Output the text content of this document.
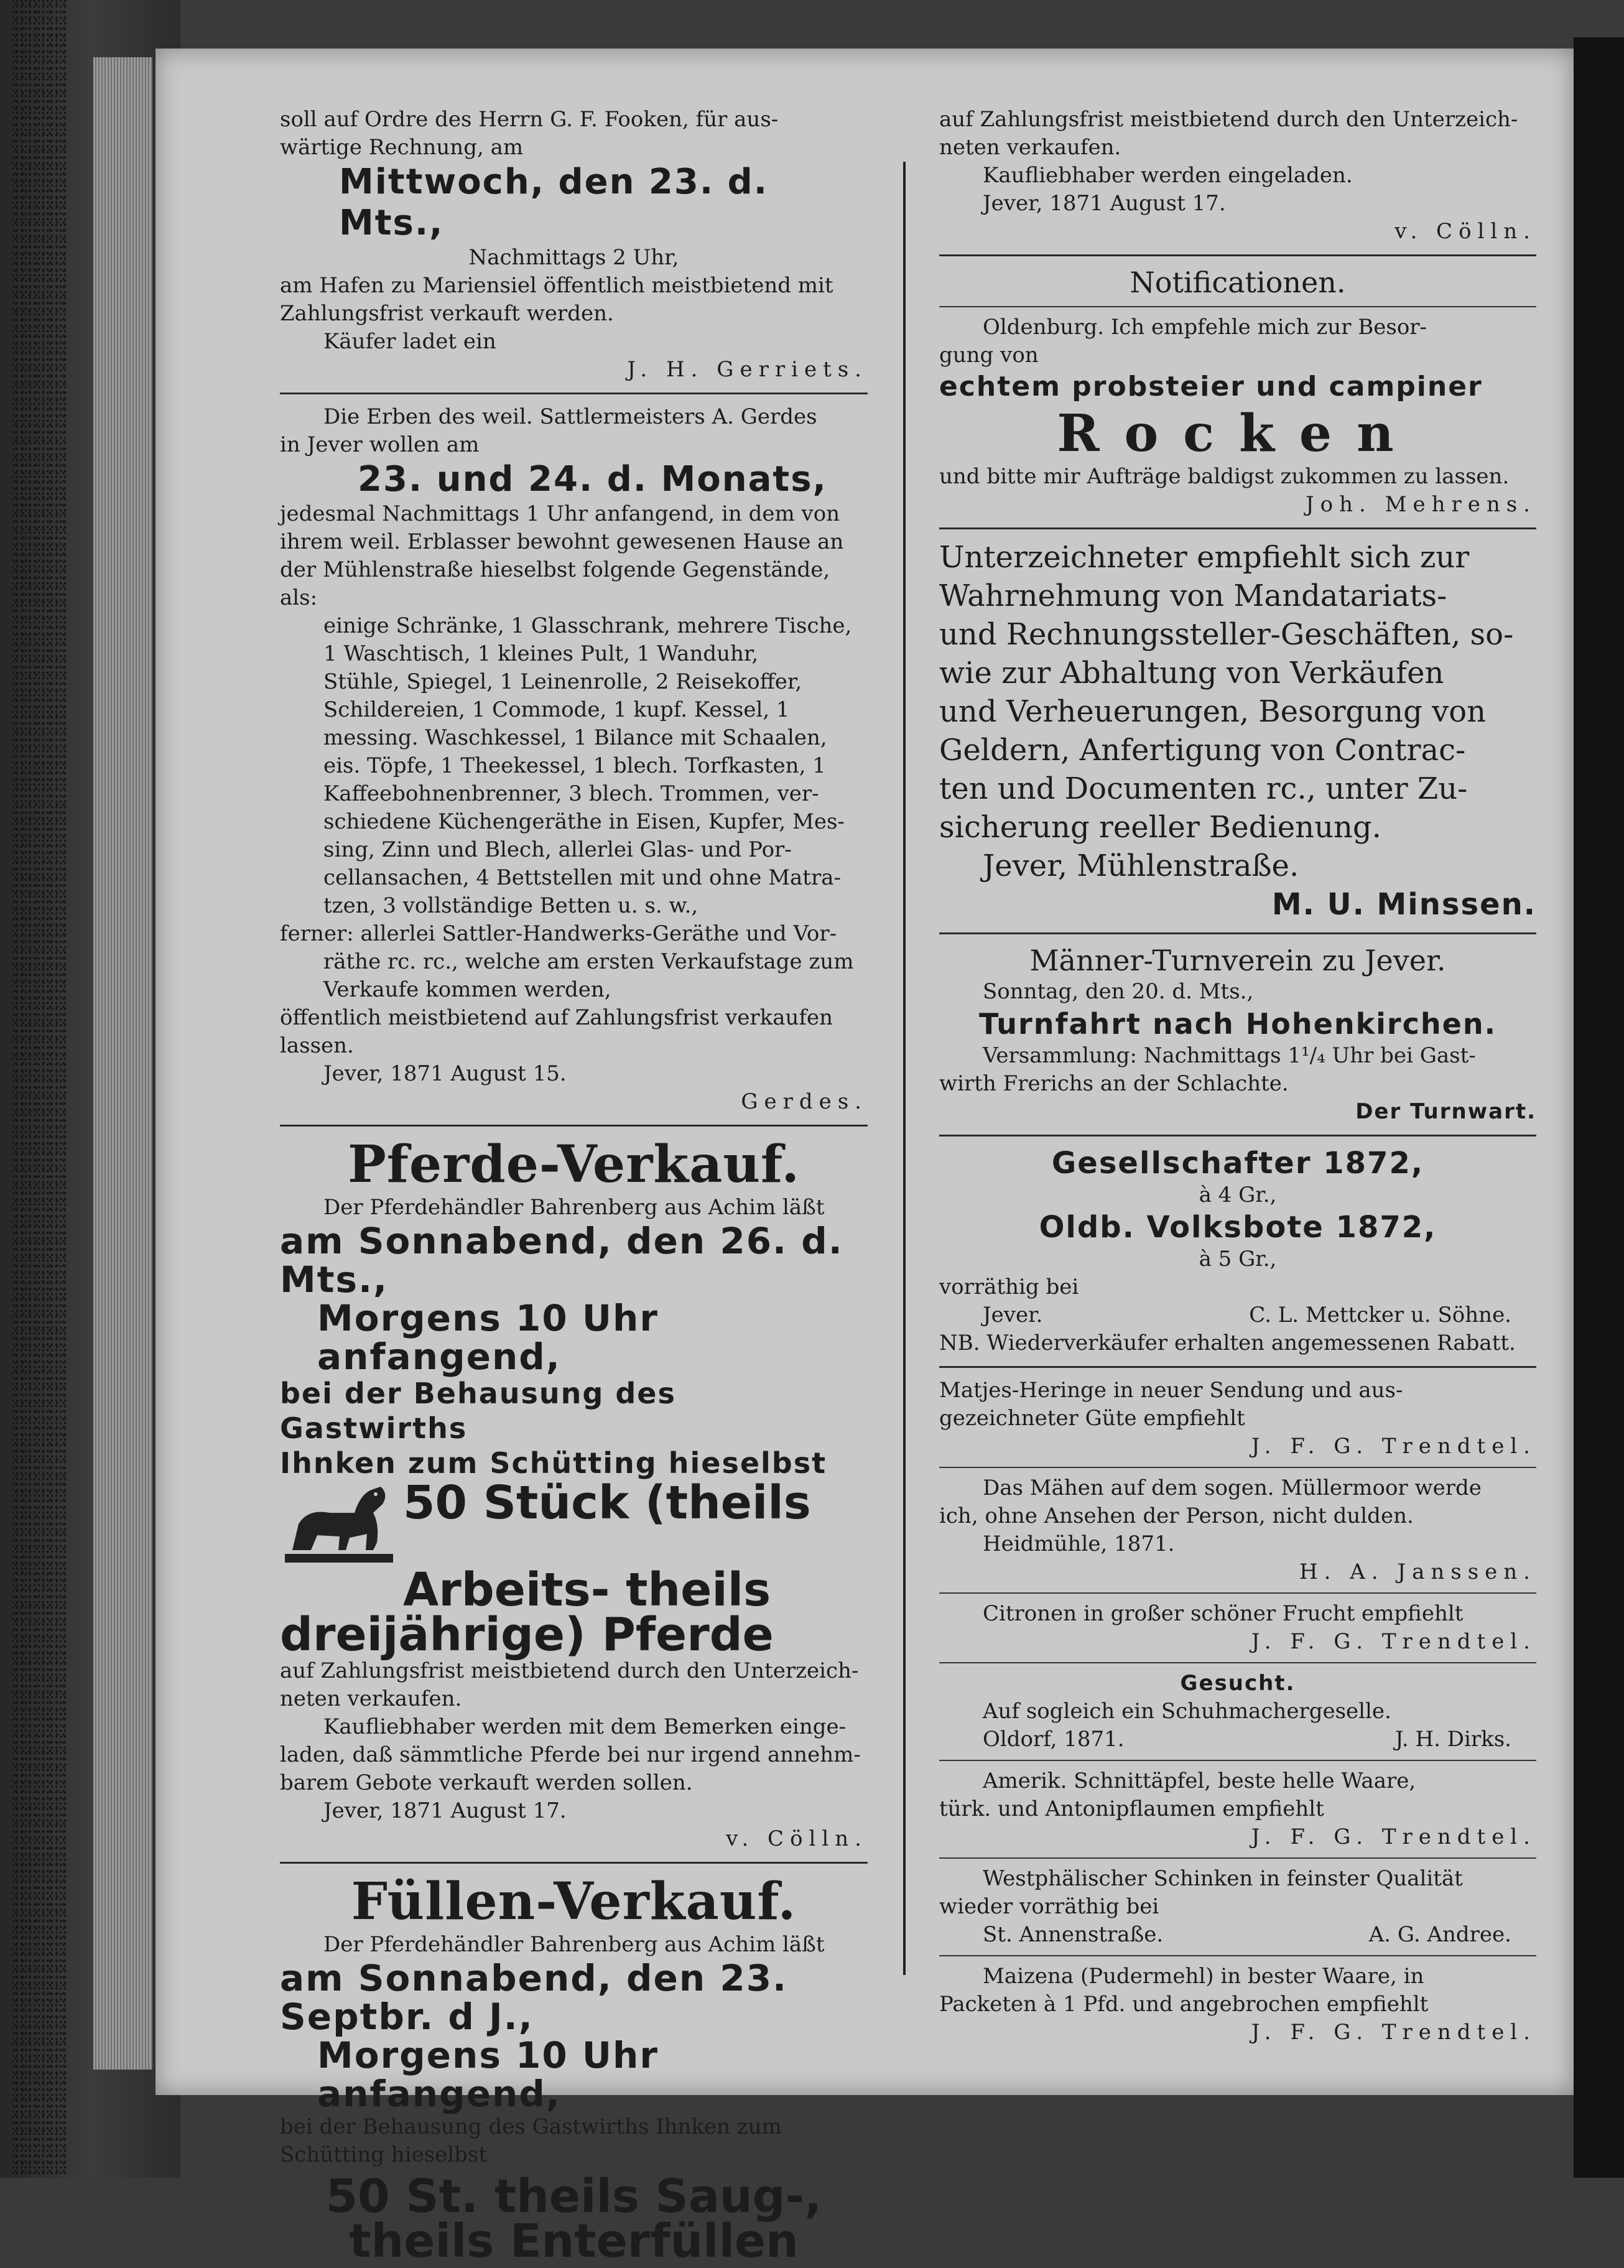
soll auf Ordre des Herrn G. F. Fooken, für aus-

wärtige Rechnung, am

Mittwoch, den 23. d. Mts.,

Nachmittags 2 Uhr,

am Hafen zu Mariensiel öffentlich meistbietend mit

Zahlungsfrist verkauft werden.

Käufer ladet ein

J. H. Gerriets.

Die Erben des weil. Sattlermeisters A. Gerdes

in Jever wollen am

23. und 24. d. Monats,

jedesmal Nachmittags 1 Uhr anfangend, in dem von

ihrem weil. Erblasser bewohnt gewesenen Hause an

der Mühlenstraße hieselbst folgende Gegenstände, als:

einige Schränke, 1 Glasschrank, mehrere Tische,

1 Waschtisch, 1 kleines Pult, 1 Wanduhr,

Stühle, Spiegel, 1 Leinenrolle, 2 Reisekoffer,

Schildereien, 1 Commode, 1 kupf. Kessel, 1

messing. Waschkessel, 1 Bilance mit Schaalen,

eis. Töpfe, 1 Theekessel, 1 blech. Torfkasten, 1

Kaffeebohnenbrenner, 3 blech. Trommen, ver-

schiedene Küchengeräthe in Eisen, Kupfer, Mes-

sing, Zinn und Blech, allerlei Glas- und Por-

cellansachen, 4 Bettstellen mit und ohne Matra-

tzen, 3 vollständige Betten u. s. w.,

ferner: allerlei Sattler-Handwerks-Geräthe und Vor-

räthe rc. rc., welche am ersten Verkaufstage zum

Verkaufe kommen werden,

öffentlich meistbietend auf Zahlungsfrist verkaufen

lassen.

Jever, 1871 August 15.

Gerdes.

Pferde-Verkauf.

Der Pferdehändler Bahrenberg aus Achim läßt

am Sonnabend, den 26. d. Mts.,

Morgens 10 Uhr anfangend,

bei der Behausung des Gastwirths

Ihnken zum Schütting hieselbst

50 Stück (theils

Arbeits- theils

dreijährige) Pferde

auf Zahlungsfrist meistbietend durch den Unterzeich-

neten verkaufen.

Kaufliebhaber werden mit dem Bemerken einge-

laden, daß sämmtliche Pferde bei nur irgend annehm-

barem Gebote verkauft werden sollen.

Jever, 1871 August 17.

v. Cölln.

Füllen-Verkauf.

Der Pferdehändler Bahrenberg aus Achim läßt

am Sonnabend, den 23. Septbr. d J.,

Morgens 10 Uhr anfangend,

bei der Behausung des Gastwirths Ihnken zum

Schütting hieselbst

50 St. theils Saug-,

theils Enterfüllen

auf Zahlungsfrist meistbietend durch den Unterzeich-

neten verkaufen.

Kaufliebhaber werden eingeladen.

Jever, 1871 August 17.

v. Cölln.

Notificationen.

Oldenburg. Ich empfehle mich zur Besor-

gung von

echtem probsteier und campiner

Rocken

und bitte mir Aufträge baldigst zukommen zu lassen.

Joh. Mehrens.

Unterzeichneter empfiehlt sich zur

Wahrnehmung von Mandatariats-

und Rechnungssteller-Geschäften, so-

wie zur Abhaltung von Verkäufen

und Verheuerungen, Besorgung von

Geldern, Anfertigung von Contrac-

ten und Documenten rc., unter Zu-

sicherung reeller Bedienung.

Jever, Mühlenstraße.

M. U. Minssen.

Männer-Turnverein zu Jever.

Sonntag, den 20. d. Mts.,

Turnfahrt nach Hohenkirchen.

Versammlung: Nachmittags 1¹/₄ Uhr bei Gast-

wirth Frerichs an der Schlachte.

Der Turnwart.

Gesellschafter 1872,

à 4 Gr.,

Oldb. Volksbote 1872,

à 5 Gr.,

vorräthig bei

Jever.	C. L. Mettcker u. Söhne.

NB. Wiederverkäufer erhalten angemessenen Rabatt.

Matjes-Heringe in neuer Sendung und aus-

gezeichneter Güte empfiehlt

J. F. G. Trendtel.

Das Mähen auf dem sogen. Müllermoor werde

ich, ohne Ansehen der Person, nicht dulden.

Heidmühle, 1871.

H. A. Janssen.

Citronen in großer schöner Frucht empfiehlt

J. F. G. Trendtel.

Gesucht.

Auf sogleich ein Schuhmachergeselle.

Oldorf, 1871.	J. H. Dirks.

Amerik. Schnittäpfel, beste helle Waare,

türk. und Antonipflaumen empfiehlt

J. F. G. Trendtel.

Westphälischer Schinken in feinster Qualität

wieder vorräthig bei

St. Annenstraße.	A. G. Andree.

Maizena (Pudermehl) in bester Waare, in

Packeten à 1 Pfd. und angebrochen empfiehlt

J. F. G. Trendtel.
